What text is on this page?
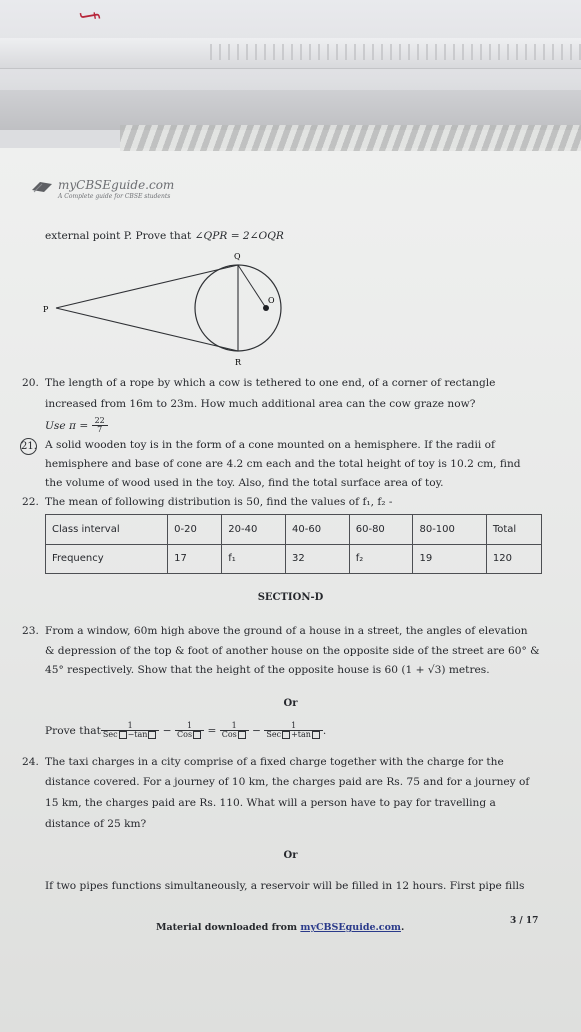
ƒ
myCBSEguide.com
A Complete guide for CBSE students
external point P. Prove that ∠QPR = 2∠OQR
Q
P
O
R
20. The length of a rope by which a cow is tethered to one end, of a corner of rectangle
increased from 16m to 23m. How much additional area can the cow graze now?
Use $\pi = \frac{22}{7}$
21. A solid wooden toy is in the form of a cone mounted on a hemisphere. If the radii of
hemisphere and base of cone are 4.2 cm each and the total height of toy is 10.2 cm, find
the volume of wood used in the toy. Also, find the total surface area of toy.
22. The mean of following distribution is 50, find the values of f₁, f₂ -
Class interval	0-20	20-40	40-60	60-80	80-100	Total
Frequency	17	f₁	32	f₂	19	120
SECTION-D
23. From a window, 60m high above the ground of a house in a street, the angles of elevation
& depression of the top & foot of another house on the opposite side of the street are 60° &
45° respectively. Show that the height of the opposite house is 60 (1 + √3) metres.
Or
Prove that $\frac{1}{\text{Sec −tan}} - \frac{1}{\text{Cos}} = \frac{1}{\text{Cos}} - \frac{1}{\text{Sec +tan}}$ .
24. The taxi charges in a city comprise of a fixed charge together with the charge for the
distance covered. For a journey of 10 km, the charges paid are Rs. 75 and for a journey of
15 km, the charges paid are Rs. 110. What will a person have to pay for travelling a
distance of 25 km?
Or
If two pipes functions simultaneously, a reservoir will be filled in 12 hours. First pipe fills
Material downloaded from myCBSEguide.com.
3 / 17
